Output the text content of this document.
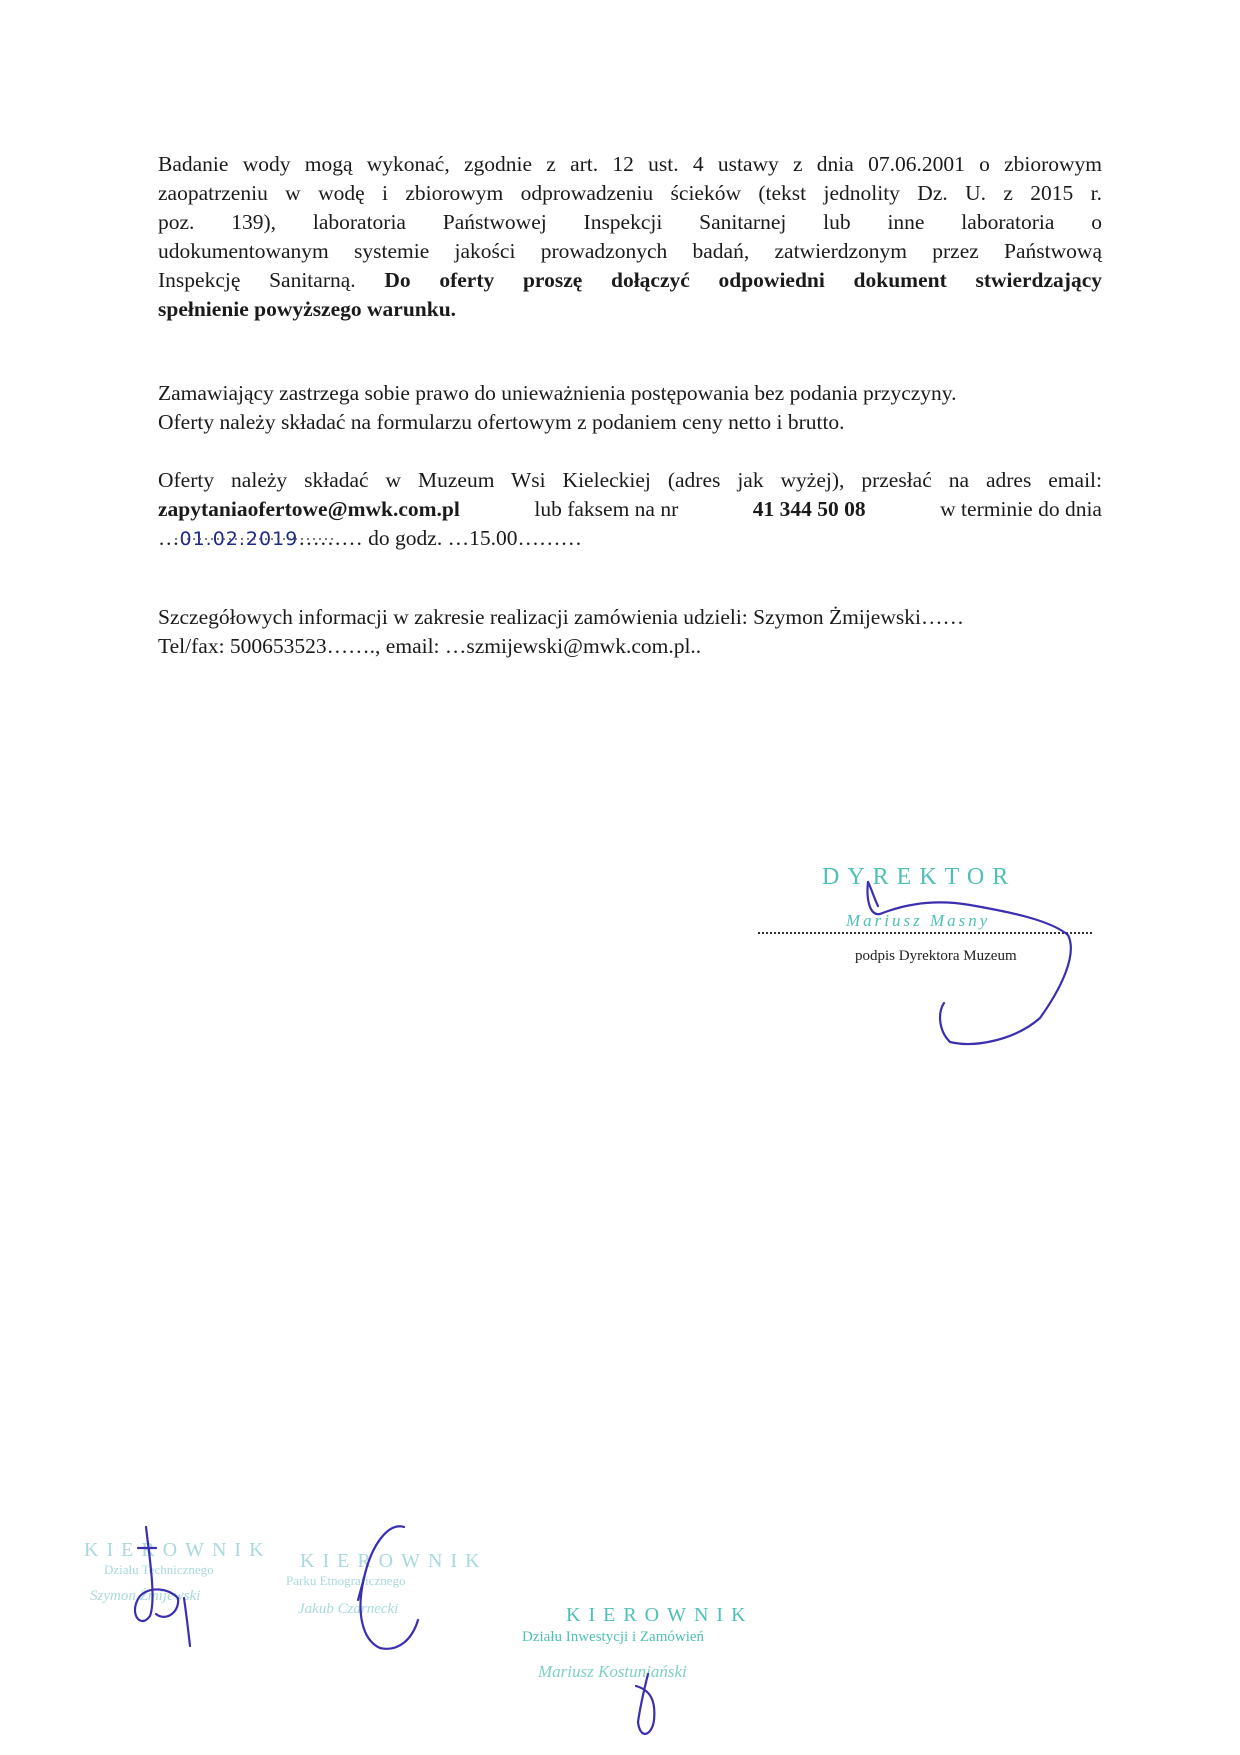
Badanie wody mogą wykonać, zgodnie z art. 12 ust. 4 ustawy z dnia 07.06.2001 o zbiorowym
zaopatrzeniu w wodę i zbiorowym odprowadzeniu ścieków (tekst jednolity Dz. U. z 2015 r.
poz. 139), laboratoria Państwowej Inspekcji Sanitarnej lub inne laboratoria o
udokumentowanym systemie jakości prowadzonych badań, zatwierdzonym przez Państwową
Inspekcję Sanitarną. Do oferty proszę dołączyć odpowiedni dokument stwierdzający
spełnienie powyższego warunku.
Zamawiający zastrzega sobie prawo do unieważnienia postępowania bez podania przyczyny.
Oferty należy składać na formularzu ofertowym z podaniem ceny netto i brutto.
Oferty należy składać w Muzeum Wsi Kieleckiej (adres jak wyżej), przesłać na adres email:
zapytaniaofertowe@mwk.com.pl	lub faksem na nr	41 344 50 08	w terminie do dnia
…01.02.2019……… do godz. …15.00………
Szczegółowych informacji w zakresie realizacji zamówienia udzieli: Szymon Żmijewski……
Tel/fax: 500653523……., email: …szmijewski@mwk.com.pl..
DYREKTOR
Mariusz Masny
podpis Dyrektora Muzeum
KIEROWNIK
Działu Technicznego
Szymon Żmijewski
KIEROWNIK
Parku Etnograficznego
Jakub Czarnecki	KIEROWNIK
Działu Inwestycji i Zamówień
Mariusz Kostuniański
